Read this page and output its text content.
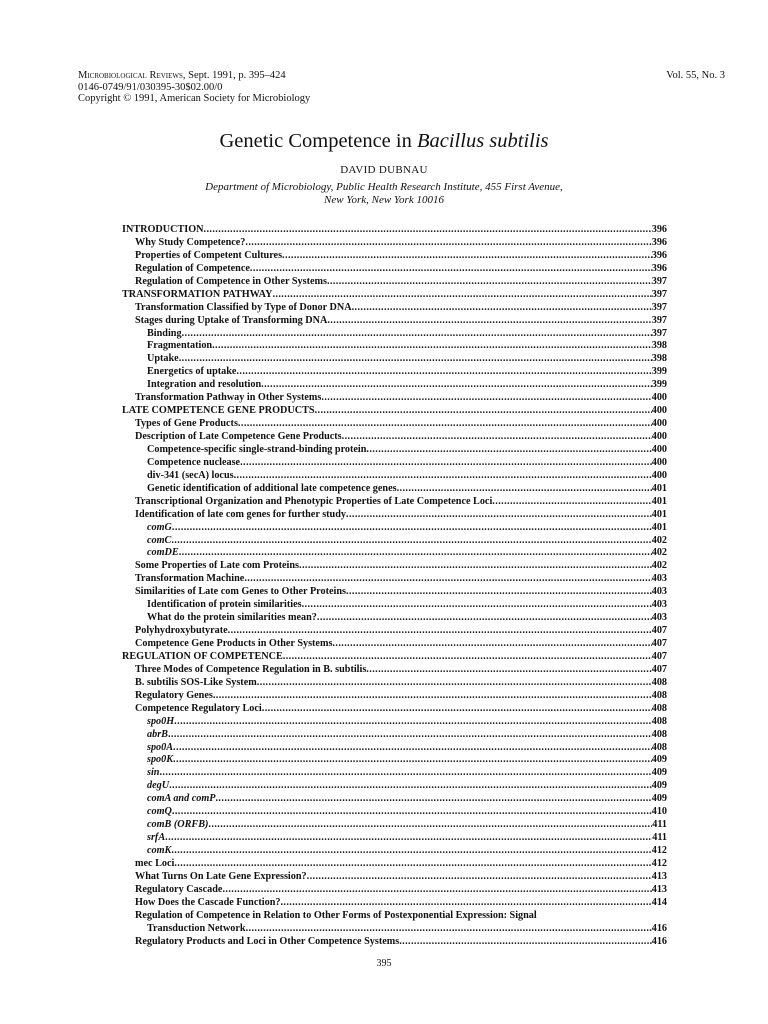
Microbiological Reviews, Sept. 1991, p. 395–424
0146-0749/91/030395-30$02.00/0
Copyright © 1991, American Society for Microbiology
Vol. 55, No. 3
Genetic Competence in Bacillus subtilis
DAVID DUBNAU
Department of Microbiology, Public Health Research Institute, 455 First Avenue,
New York, New York 10016
INTRODUCTION .....	396
Why Study Competence? .....	396
Properties of Competent Cultures .....	396
Regulation of Competence .....	396
Regulation of Competence in Other Systems .....	397
TRANSFORMATION PATHWAY .....	397
Transformation Classified by Type of Donor DNA .....	397
Stages during Uptake of Transforming DNA .....	397
Binding .....	397
Fragmentation .....	398
Uptake .....	398
Energetics of uptake .....	399
Integration and resolution .....	399
Transformation Pathway in Other Systems .....	400
LATE COMPETENCE GENE PRODUCTS .....	400
Types of Gene Products .....	400
Description of Late Competence Gene Products .....	400
Competence-specific single-strand-binding protein .....	400
Competence nuclease .....	400
div-341 (secA) locus .....	400
Genetic identification of additional late competence genes .....	401
Transcriptional Organization and Phenotypic Properties of Late Competence Loci .....	401
Identification of late com genes for further study .....	401
comG .....	401
comC .....	402
comDE .....	402
Some Properties of Late com Proteins .....	402
Transformation Machine .....	403
Similarities of Late com Genes to Other Proteins .....	403
Identification of protein similarities .....	403
What do the protein similarities mean? .....	403
Polyhydroxybutyrate .....	407
Competence Gene Products in Other Systems .....	407
REGULATION OF COMPETENCE .....	407
Three Modes of Competence Regulation in B. subtilis .....	407
B. subtilis SOS-Like System .....	408
Regulatory Genes .....	408
Competence Regulatory Loci .....	408
spo0H .....	408
abrB .....	408
spo0A .....	408
spo0K .....	409
sin .....	409
degU .....	409
comA and comP .....	409
comQ .....	410
comB (ORFB) .....	411
srfA .....	411
comK .....	412
mec Loci .....	412
What Turns On Late Gene Expression? .....	413
Regulatory Cascade .....	413
How Does the Cascade Function? .....	414
Regulation of Competence in Relation to Other Forms of Postexponential Expression: Signal
Transduction Network .....	416
Regulatory Products and Loci in Other Competence Systems .....	416
395
